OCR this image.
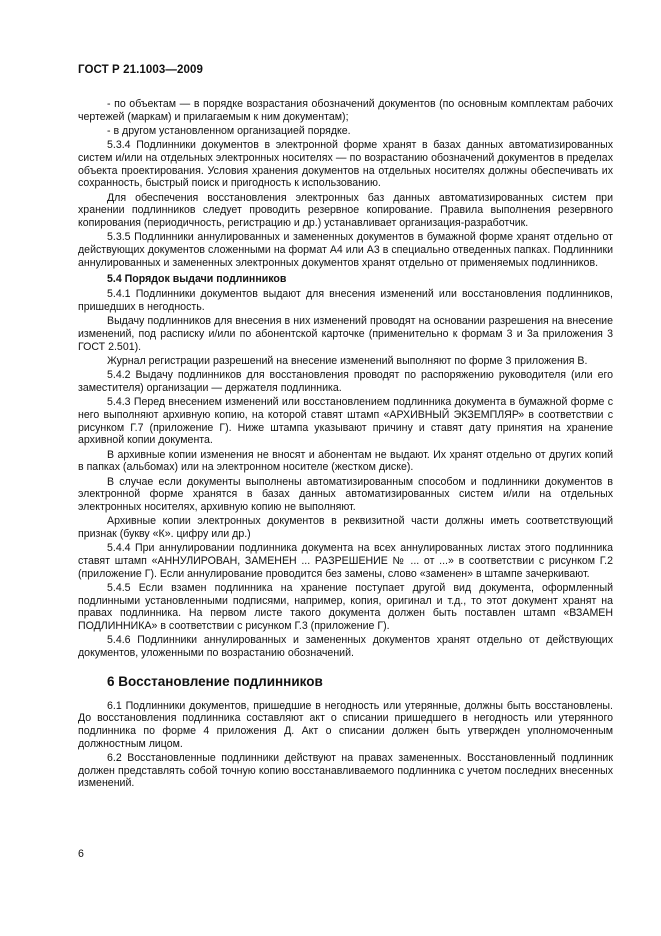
ГОСТ Р 21.1003—2009

- по объектам — в порядке возрастания обозначений документов (по основным комплектам рабочих чертежей (маркам) и прилагаемым к ним документам);

- в другом установленном организацией порядке.

5.3.4 Подлинники документов в электронной форме хранят в базах данных автоматизированных систем и/или на отдельных электронных носителях — по возрастанию обозначений документов в пределах объекта проектирования. Условия хранения документов на отдельных носителях должны обеспечивать их сохранность, быстрый поиск и пригодность к использованию.

Для обеспечения восстановления электронных баз данных автоматизированных систем при хранении подлинников следует проводить резервное копирование. Правила выполнения резервного копирования (периодичность, регистрацию и др.) устанавливает организация-разработчик.

5.3.5 Подлинники аннулированных и замененных документов в бумажной форме хранят отдельно от действующих документов сложенными на формат А4 или А3 в специально отведенных папках. Подлинники аннулированных и замененных электронных документов хранят отдельно от применяемых подлинников.

5.4 Порядок выдачи подлинников

5.4.1 Подлинники документов выдают для внесения изменений или восстановления подлинников, пришедших в негодность.

Выдачу подлинников для внесения в них изменений проводят на основании разрешения на внесение изменений, под расписку и/или по абонентской карточке (применительно к формам 3 и 3а приложения 3 ГОСТ 2.501).

Журнал регистрации разрешений на внесение изменений выполняют по форме 3 приложения В.

5.4.2 Выдачу подлинников для восстановления проводят по распоряжению руководителя (или его заместителя) организации — держателя подлинника.

5.4.3 Перед внесением изменений или восстановлением подлинника документа в бумажной форме с него выполняют архивную копию, на которой ставят штамп «АРХИВНЫЙ ЭКЗЕМПЛЯР» в соответствии с рисунком Г.7 (приложение Г). Ниже штампа указывают причину и ставят дату принятия на хранение архивной копии документа.

В архивные копии изменения не вносят и абонентам не выдают. Их хранят отдельно от других копий в папках (альбомах) или на электронном носителе (жестком диске).

В случае если документы выполнены автоматизированным способом и подлинники документов в электронной форме хранятся в базах данных автоматизированных систем и/или на отдельных электронных носителях, архивную копию не выполняют.

Архивные копии электронных документов в реквизитной части должны иметь соответствующий признак (букву «К». цифру или др.)

5.4.4 При аннулировании подлинника документа на всех аннулированных листах этого подлинника ставят штамп «АННУЛИРОВАН, ЗАМЕНЕН ... РАЗРЕШЕНИЕ № ... от ...» в соответствии с рисунком Г.2 (приложение Г). Если аннулирование проводится без замены, слово «заменен» в штампе зачеркивают.

5.4.5 Если взамен подлинника на хранение поступает другой вид документа, оформленный подлинными установленными подписями, например, копия, оригинал и т.д., то этот документ хранят на правах подлинника. На первом листе такого документа должен быть поставлен штамп «ВЗАМЕН ПОДЛИННИКА» в соответствии с рисунком Г.3 (приложение Г).

5.4.6 Подлинники аннулированных и замененных документов хранят отдельно от действующих документов, уложенными по возрастанию обозначений.

6 Восстановление подлинников

6.1 Подлинники документов, пришедшие в негодность или утерянные, должны быть восстановлены. До восстановления подлинника составляют акт о списании пришедшего в негодность или утерянного подлинника по форме 4 приложения Д. Акт о списании должен быть утвержден уполномоченным должностным лицом.

6.2 Восстановленные подлинники действуют на правах замененных. Восстановленный подлинник должен представлять собой точную копию восстанавливаемого подлинника с учетом последних внесенных изменений.

6
